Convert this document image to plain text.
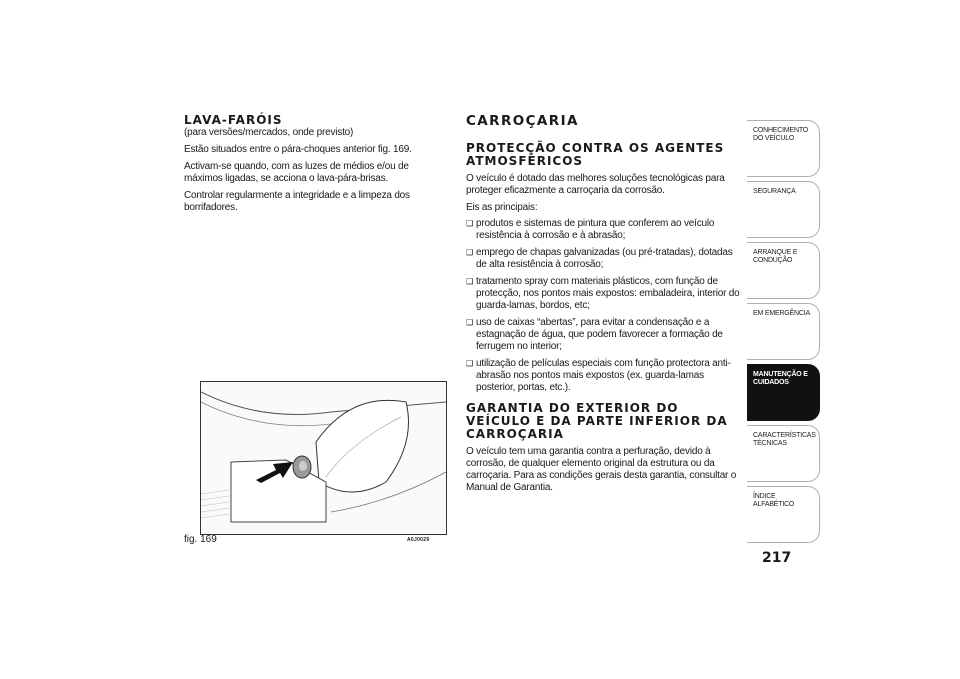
LAVA-FARÓIS

(para versões/mercados, onde previsto)

Estão situados entre o pára-choques anterior fig. 169.

Activam-se quando, com as luzes de médios e/ou de máximos ligadas, se acciona o lava-pára-brisas.

Controlar regularmente a integridade e a limpeza dos borrifadores.

fig. 169	A0J0029
CARROÇARIA
PROTECÇÃO CONTRA OS AGENTES ATMOSFÉRICOS

O veículo é dotado das melhores soluções tecnológicas para proteger eficazmente a carroçaria da corrosão.

Eis as principais:

❑ produtos e sistemas de pintura que conferem ao veículo resistência à corrosão e à abrasão;
❑ emprego de chapas galvanizadas (ou pré-tratadas), dotadas de alta resistência à corrosão;
❑ tratamento spray com materiais plásticos, com função de protecção, nos pontos mais expostos: embaladeira, interior do guarda-lamas, bordos, etc;
❑ uso de caixas “abertas”, para evitar a condensação e a estagnação de água, que podem favorecer a formação de ferrugem no interior;
❑ utilização de películas especiais com função protectora anti-abrasão nos pontos mais expostos (ex. guarda-lamas posterior, portas, etc.).
GARANTIA DO EXTERIOR DO VEÍCULO E DA PARTE INFERIOR DA CARROÇARIA

O veículo tem uma garantia contra a perfuração, devido à corrosão, de qualquer elemento original da estrutura ou da carroçaria. Para as condições gerais desta garantia, consultar o Manual de Garantia.

CONHECIMENTO DO VEÍCULO
SEGURANÇA
ARRANQUE E CONDUÇÃO
EM EMERGÊNCIA
MANUTENÇÃO E CUIDADOS
CARACTERÍSTICAS TÉCNICAS
ÍNDICE ALFABÉTICO
217
